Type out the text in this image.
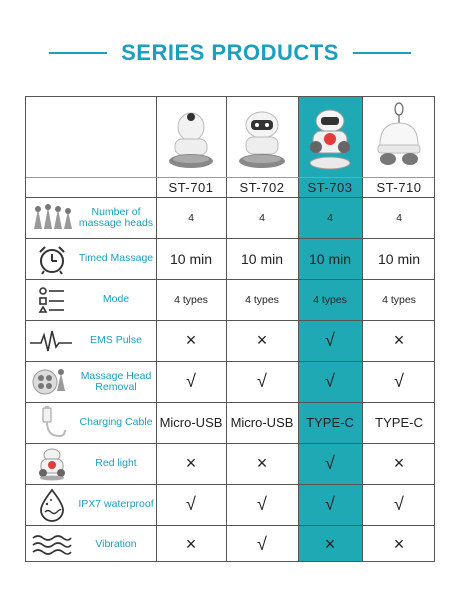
SERIES PRODUCTS
ST-701	ST-702	ST-703	ST-710
Number of massage heads	4	4	4	4
Timed Massage	10 min	10 min	10 min	10 min
Mode	4 types	4 types	4 types	4 types
EMS Pulse	×	×	√	×
Massage Head Removal	√	√	√	√
Charging Cable Micro-USB Micro-USB TYPE-C	TYPE-C
Red light	×	×	√	×
IPX7 waterproof	√	√	√	√
Vibration	×	√	×	×
